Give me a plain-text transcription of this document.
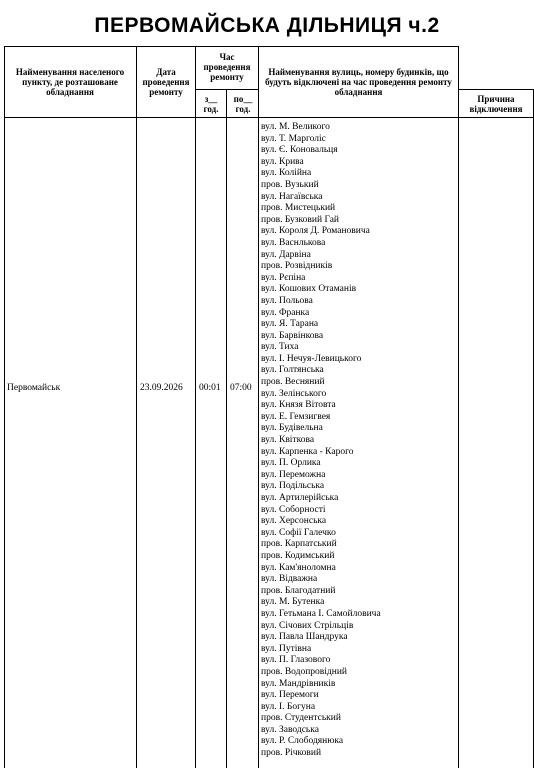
ПЕРВОМАЙСЬКА ДІЛЬНИЦЯ ч.2
Найменування населеного пункту, де розташоване обладнання
Дата проведення ремонту
Час проведення ремонту
з__ год.
по__ год.
Найменування вулиць, номеру будинків, що будуть відключені на час проведення ремонту обладнання
Причина відключення
Первомайськ	23.09.2026 00:01 07:00
вул. М. Великого
вул. Т. Марголіс
вул. Є. Коновальця
вул. Крива
вул. Колійна
пров. Вузький
вул. Нагаївська
пров. Мистецький
пров. Бузковий Гай
вул. Короля Д. Романовича
вул. Васнлькова
вул. Дарвіна
пров. Розвідників
вул. Рєпіна
вул. Кошових Отаманів
вул. Польова
вул. Франка
вул. Я. Тарана
вул. Барвінкова
вул. Тиха
вул. І. Нечуя-Левицького
вул. Голтянська
пров. Весняний
вул. Зелінського
вул. Князя Вітовта
вул. Е. Гемзигвея
вул. Будівельна
вул. Квіткова
вул. Карпенка - Карого
вул. П. Орлика
вул. Переможна
вул. Подільська
вул. Артилерійська
вул. Соборності
вул. Херсонська
вул. Софії Галечко
пров. Карпатський
пров. Кодимський
вул. Кам'яноломна
вул. Відважна
пров. Благодатний
вул. М. Бутенка
вул. Гетьмана І. Самойловича
вул. Січових Стрільців
вул. Павла Шандрука
вул. Путівна
вул. П. Глазового
пров. Водопровідний
вул. Мандрівників
вул. Перемоги
вул. І. Богуна
пров. Студентський
вул. Заводська
вул. Р. Слободянюка
пров. Річковий
